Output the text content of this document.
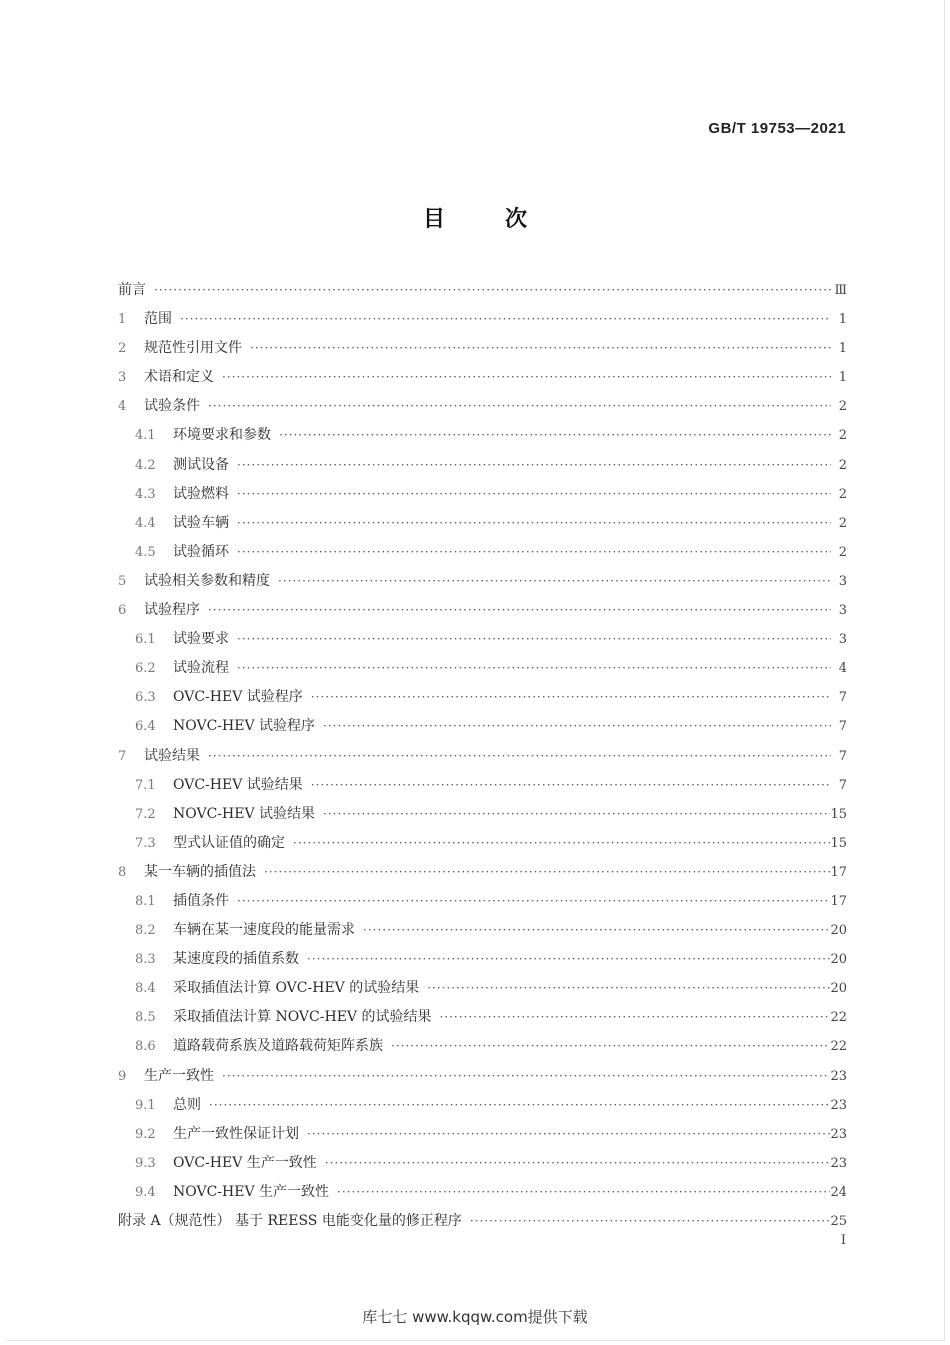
GB/T 19753—2021
目次
前言 ·····	Ⅲ
1	范围 ·····	1
2	规范性引用文件 ·····	1
3	术语和定义 ·····	1
4	试验条件 ·····	2
4.1	环境要求和参数 ·····	2
4.2	测试设备 ·····	2
4.3	试验燃料 ·····	2
4.4	试验车辆 ·····	2
4.5	试验循环 ·····	2
5	试验相关参数和精度 ·····	3
6	试验程序 ·····	3
6.1	试验要求 ·····	3
6.2	试验流程 ·····	4
6.3	OVC-HEV 试验程序 ·····	7
6.4	NOVC-HEV 试验程序 ·····	7
7	试验结果 ·····	7
7.1	OVC-HEV 试验结果 ·····	7
7.2	NOVC-HEV 试验结果 ·····	15
7.3	型式认证值的确定 ·····	15
8	某一车辆的插值法 ·····	17
8.1	插值条件 ·····	17
8.2	车辆在某一速度段的能量需求 ·····	20
8.3	某速度段的插值系数 ·····	20
8.4	采取插值法计算 OVC-HEV 的试验结果 ·····	20
8.5	采取插值法计算 NOVC-HEV 的试验结果 ·····	22
8.6	道路载荷系族及道路载荷矩阵系族 ·····	22
9	生产一致性 ·····	23
9.1	总则 ·····	23
9.2	生产一致性保证计划 ·····	23
9.3	OVC-HEV 生产一致性 ·····	23
9.4	NOVC-HEV 生产一致性 ·····	24
附录 A（规范性） 基于 REESS 电能变化量的修正程序 ·····	25
I
库七七 www.kqqw.com提供下载
